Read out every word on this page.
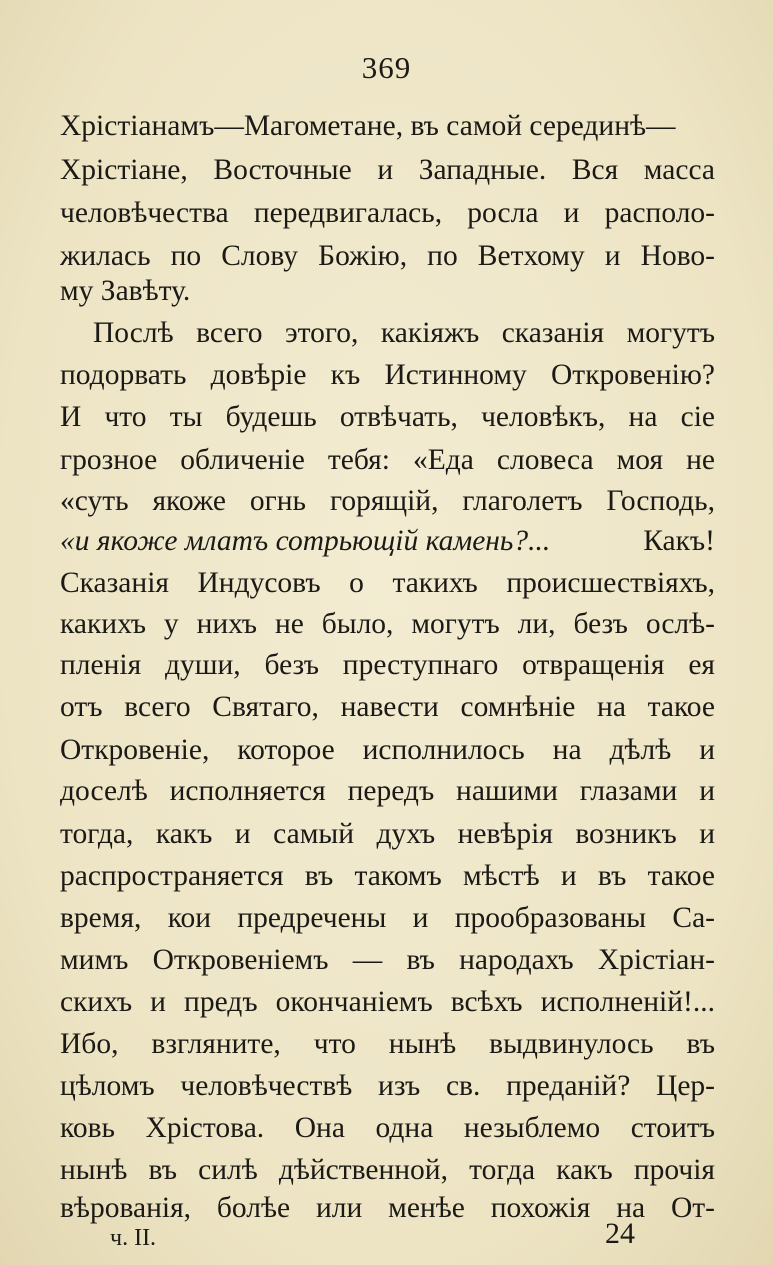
369
Хрістіанамъ—Магометане, въ самой серединѣ—
Хрістіане, Восточные и Западные. Вся масса
человѣчества передвигалась, росла и располо-
жилась по Слову Божію, по Ветхому и Ново-
му Завѣту.
Послѣ всего этого, какіяжъ сказанія могутъ
подорвать довѣріе къ Истинному Откровенію?
И что ты будешь отвѣчать, человѣкъ, на сіе
грозное обличеніе тебя: «Еда словеса моя не
«суть якоже огнь горящій, глаголетъ Господь,
«и якоже млатъ сотрьющій камень?...	Какъ!
Сказанія Индусовъ о такихъ происшествіяхъ,
какихъ у нихъ не было, могутъ ли, безъ ослѣ-
пленія души, безъ преступнаго отвращенія ея
отъ всего Святаго, навести сомнѣніе на такое
Откровеніе, которое исполнилось на дѣлѣ и
доселѣ исполняется передъ нашими глазами и
тогда, какъ и самый духъ невѣрія возникъ и
распространяется въ такомъ мѣстѣ и въ такое
время, кои предречены и прообразованы Са-
мимъ Откровеніемъ — въ народахъ Хрістіан-
скихъ и предъ окончаніемъ всѣхъ исполненій!...
Ибо, взгляните, что нынѣ выдвинулось въ
цѣломъ человѣчествѣ изъ св. преданій? Цер-
ковь Хрістова. Она одна незыблемо стоитъ
нынѣ въ силѣ дѣйственной, тогда какъ прочія
вѣрованія, болѣе или менѣе похожія на От-
ч. II.	24
